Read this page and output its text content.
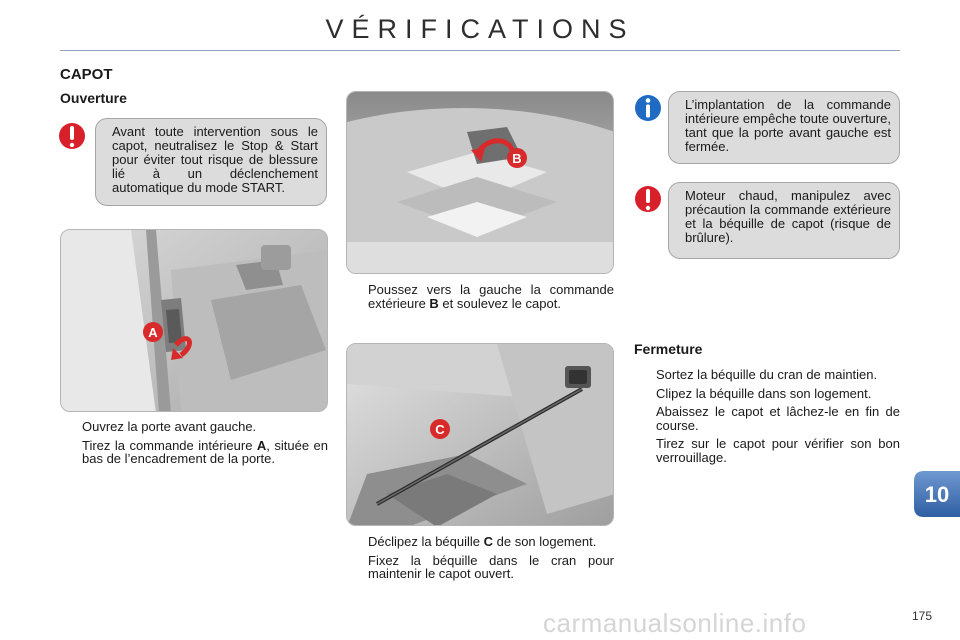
VÉRIFICATIONS
CAPOT
Ouverture
Avant toute intervention sous le capot, neutralisez le Stop & Start pour éviter tout risque de blessure lié à un déclenchement automatique du mode START.
A
Ouvrez la porte avant gauche.
Tirez la commande intérieure A, située en bas de l’encadrement de la porte.
B
Poussez vers la gauche la commande extérieure B et soulevez le capot.
C
Déclipez la béquille C de son logement.
Fixez la béquille dans le cran pour maintenir le capot ouvert.
L’implantation de la commande intérieure empêche toute ouverture, tant que la porte avant gauche est fermée.
Moteur chaud, manipulez avec précaution la commande extérieure et la béquille de capot (risque de brûlure).
Fermeture
Sortez la béquille du cran de maintien.
Clipez la béquille dans son logement.
Abaissez le capot et lâchez-le en fin de course.
Tirez sur le capot pour vérifier son bon verrouillage.
10
carmanualsonline.info	175
